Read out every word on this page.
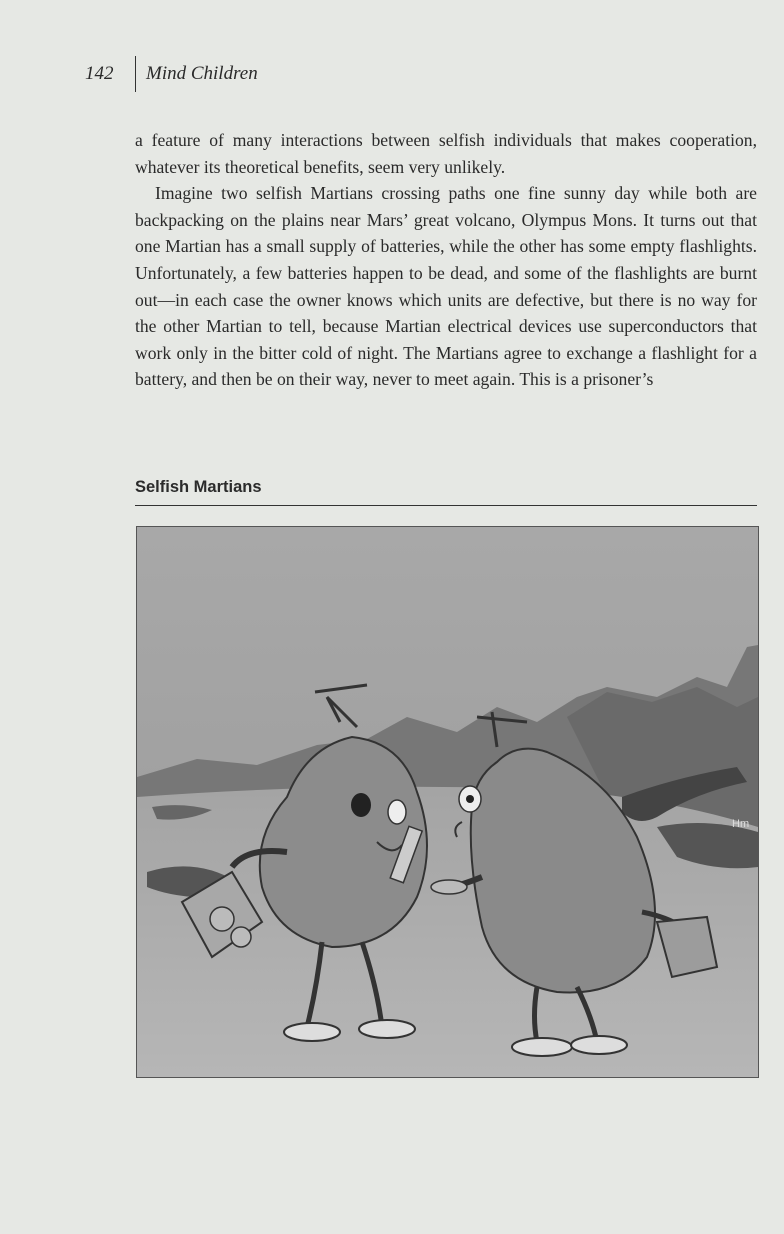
142	Mind Children

a feature of many interactions between selfish individuals that makes cooperation, whatever its theoretical benefits, seem very unlikely.

Imagine two selfish Martians crossing paths one fine sunny day while both are backpacking on the plains near Mars’ great volcano, Olympus Mons. It turns out that one Martian has a small supply of batteries, while the other has some empty flashlights. Unfortunately, a few batteries happen to be dead, and some of the flashlights are burnt out—in each case the owner knows which units are defective, but there is no way for the other Martian to tell, because Martian electrical devices use superconductors that work only in the bitter cold of night. The Martians agree to exchange a flashlight for a battery, and then be on their way, never to meet again. This is a prisoner’s

Selfish Martians
Hm
